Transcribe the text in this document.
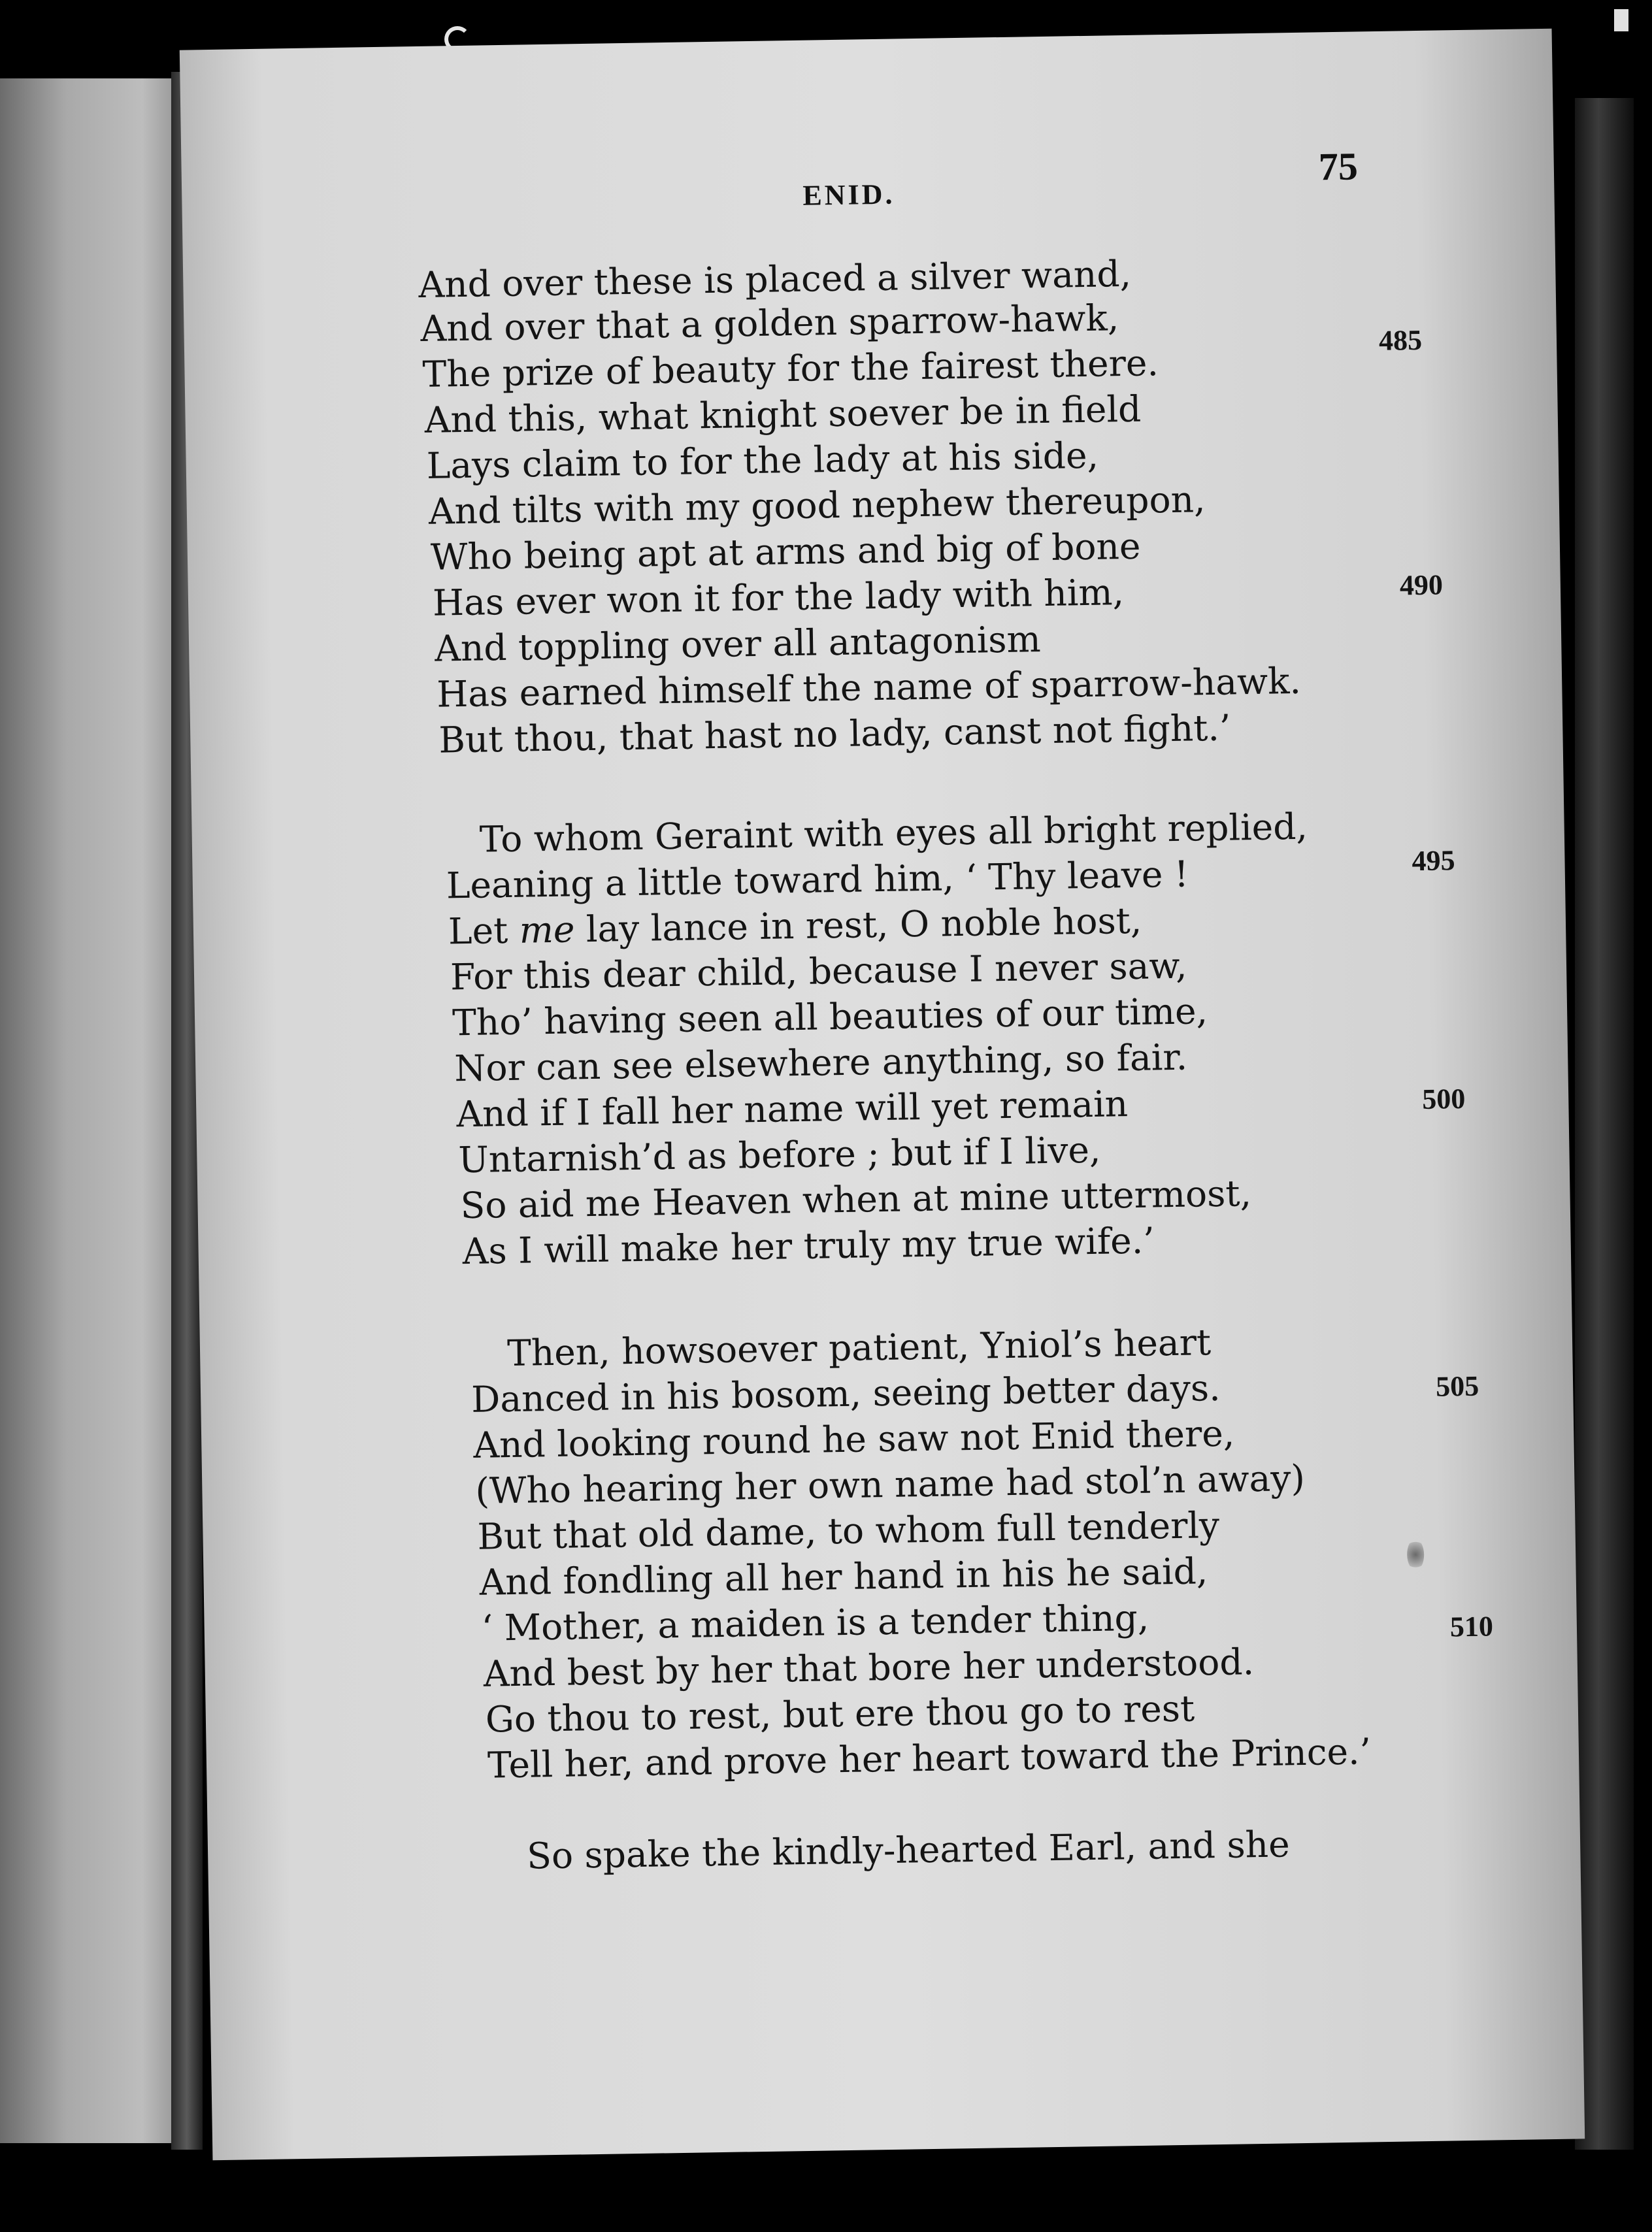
ENID.
75
And over these is placed a silver wand,
And over that a golden sparrow-hawk,
The prize of beauty for the fairest there.
And this, what knight soever be in field
Lays claim to for the lady at his side,
And tilts with my good nephew thereupon,
Who being apt at arms and big of bone
Has ever won it for the lady with him,
And toppling over all antagonism
Has earned himself the name of sparrow-hawk.
But thou, that hast no lady, canst not fight.’
To whom Geraint with eyes all bright replied,
Leaning a little toward him, ‘ Thy leave !
Let me lay lance in rest, O noble host,
For this dear child, because I never saw,
Tho’ having seen all beauties of our time,
Nor can see elsewhere anything, so fair.
And if I fall her name will yet remain
Untarnish’d as before ; but if I live,
So aid me Heaven when at mine uttermost,
As I will make her truly my true wife.’
Then, howsoever patient, Yniol’s heart
Danced in his bosom, seeing better days.
And looking round he saw not Enid there,
(Who hearing her own name had stol’n away)
But that old dame, to whom full tenderly
And fondling all her hand in his he said,
‘ Mother, a maiden is a tender thing,
And best by her that bore her understood.
Go thou to rest, but ere thou go to rest
Tell her, and prove her heart toward the Prince.’
So spake the kindly-hearted Earl, and she
485
490
495
500
505
510
